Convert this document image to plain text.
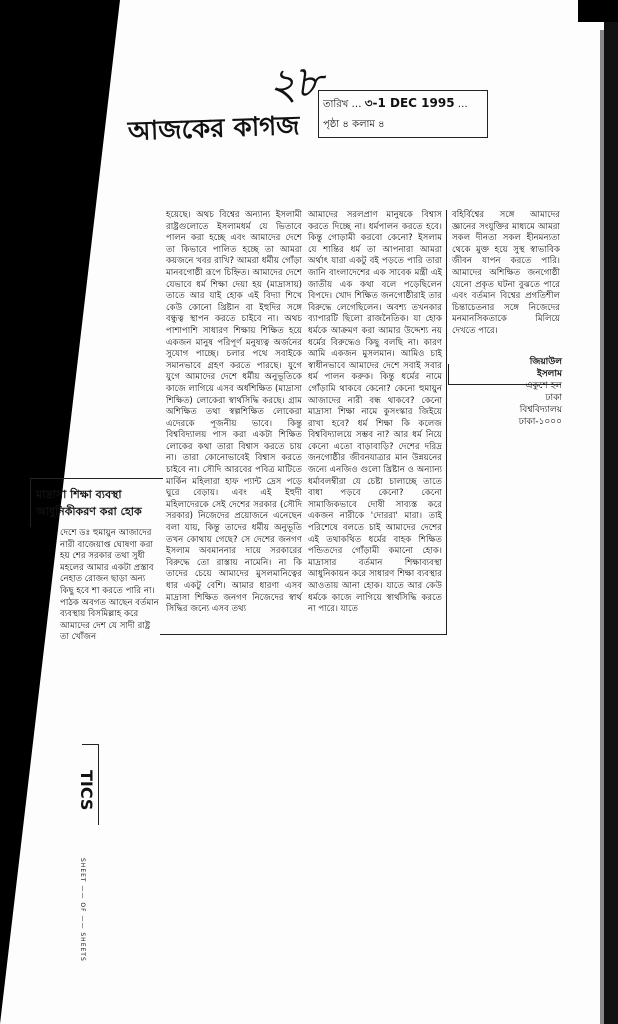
২৮
আজকের কাগজ
তারিখ … ৩-1 DEC 1995 …
পৃষ্ঠা ৪ কলাম ৪
হয়েছে। অথচ বিশ্বের অন্যান্য ইসলামী রাষ্ট্রগুলোতে ইসলামধর্ম যে ভিতাবে পালন করা হচ্ছে এবং আমাদের দেশে তা কিভাবে পালিত হচ্ছে তা আমরা কয়জনে খবর রাখি? আমরা ধর্মীয় গোঁড়া মানবগোষ্ঠী রূপে চিহ্নিত। আমাদের দেশে যেভাবে ধর্ম শিক্ষা দেয়া হয় (মাদ্রাসায়) তাতে আর যাই হোক এই বিদ্যা শিখে কেউ কোনো খ্রিষ্টান বা ইহুদির সঙ্গে বন্ধুত্ব স্থাপন করতে চাইবে না। অথচ পাশাপাশি সাধারণ শিক্ষায় শিক্ষিত হয়ে একজন মানুষ পরিপূর্ণ মনুষ্যত্ব অর্জনের সুযোগ পাচ্ছে। চলার পথে সবাইকে সমানভাবে গ্রহণ করতে পারছে। যুগে যুগে আমাদের দেশে ধর্মীয় অনুভূতিকে কাজে লাগিয়ে এসব অর্ধশিক্ষিত (মাদ্রাসা শিক্ষিত) লোকেরা স্বার্থসিদ্ধি করছে। গ্রাম অশিক্ষিত তথা স্বল্পশিক্ষিত লোকেরা এদেরকে পূজনীয় ভাবে। কিন্তু বিশ্ববিদ্যালয় পাস করা একটা শিক্ষিত লোকের কথা তারা বিশ্বাস করতে চায় না। তারা কোনোভাবেই বিশ্বাস করতে চাইবে না। সৌদি আরবের পবিত্র মাটিতে মার্কিন মহিলারা হাফ প্যান্ট দ্রেস পড়ে ঘুরে বেড়ায়। এবং এই ইহুদী মহিলাদেরকে সেই দেশের সরকার (সৌদি সরকার) নিজেদের প্রয়োজনে এনেছেন বলা যায়, কিন্তু তাদের ধর্মীয় অনুভূতি তখন কোথায় গেছে? সে দেশের জনগণ ইসলাম অবমাননার দায়ে সরকারের বিরুদ্ধে তো রাস্তায় নামেনি। না কি তাদের চেয়ে আমাদের মুসলমানিত্বের ধার একটু বেশি। আমার ধারণা এসব মাদ্রাসা শিক্ষিত জনগণ নিজেদের স্বার্থ সিদ্ধির জন্যে এসব তথ্য
আমাদের সরলপ্রাণ মানুষকে বিশ্বাস করতে দিচ্ছে না। ধর্মপালন করতে হবে। কিন্তু গোড়ামী করবো কেনো? ইসলাম যে শান্তির ধর্ম তা আপনারা আমরা অর্থাৎ যারা একটু বই পড়তে পারি তারা জানি বাংলাদেশের এক সাবেক মন্ত্রী এই জাতীয় এক কথা বলে পড়েছিলেন বিপদে। খোদ শিক্ষিত জনগোষ্ঠীরাই তার বিরুদ্ধে লেগেছিলেন। অবশ্য তখনকার ব্যাপারটি ছিলো রাজনৈতিক। যা হোক ধর্মকে আক্রমণ করা আমার উদ্দেশ্য নয় ধর্মের বিরুদ্ধেও কিছু বলছি না। কারণ আমি একজন মুসলমান। আমিও চাই স্বাধীনভাবে আমাদের দেশে সবাই সবার ধর্ম পালন করুক। কিন্তু ধর্মের নামে গোঁড়ামি থাকবে কেনো? কেনো হুমায়ুন আজাদের নারী বন্ধ থাকবে? কেনো মাদ্রাসা শিক্ষা নামে কুসংস্কার জিইয়ে রাখা হবে? ধর্ম শিক্ষা কি কলেজ বিশ্ববিদ্যালয়ে সম্ভব না? আর ধর্ম নিয়ে কেনো এতো বাড়াবাড়ি? দেশের দরিদ্র জনগোষ্ঠীর জীবনযাত্রার মান উন্নয়নের জন্যে এনজিও গুলো খ্রিষ্টান ও অন্যান্য ধর্মাবলম্বীরা যে চেষ্টা চালাচ্ছে তাতে বাধা পড়বে কেনো? কেনো সামাজিকভাবে দোষী সাব্যস্ত করে একজন নারীকে 'দোররা' মারা। তাই পরিশেষে বলতে চাই আমাদের দেশের এই তথাকথিত ধর্মের বাহক শিক্ষিত পন্ডিতদের গোঁড়ামী কমানো হোক। মাদ্রাসার বর্তমান শিক্ষাব্যবস্থা আধুনিকায়ন করে সাধারণ শিক্ষা ব্যবস্থার আওতায় আনা হোক। যাতে আর কেউ ধর্মকে কাজে লাগিয়ে স্বার্থসিদ্ধি করতে না পারে। যাতে
বহির্বিশ্বের সঙ্গে আমাদের জ্ঞানের সংযুক্তির মাধ্যমে আমরা সকল দীনতা সকল হীনমন্যতা থেকে মুক্ত হয়ে সুস্থ স্বাভাবিক জীবন যাপন করতে পারি। আমাদের অশিক্ষিত জনগোষ্ঠী যেনো প্রকৃত ঘটনা বুঝতে পারে এবং বর্তমান বিশ্বের প্রগতিশীল চিন্তাচেতনার সঙ্গে নিজেদের মনমানসিকতাকে মিলিয়ে দেখতে পারে।
জিয়াউল ইসলাম
একুশে হল
ঢাকা বিশ্ববিদ্যালয়
ঢাকা-১০০০
মাদ্রাসা শিক্ষা ব্যবস্থা
আধুনিকীকরণ করা হোক
দেশে ডঃ হুমায়ুন আজাদের নারী বাজেয়াপ্ত ঘোষণা করা হয় শের সরকার তথা সুধী মহলের আমার একটা প্রস্তাব নেহাত রোজন ছাড়া অন্য কিছু হবে শা করতে পারি না। পাঠক অবগত আছেন বর্তমান ব্যবস্থায় বিসমিল্লাহ করে আমাদের দেশ যে সাদী রাষ্ট্র তা খোঁজন
TICS
SHEET —— OF —— SHEETS
